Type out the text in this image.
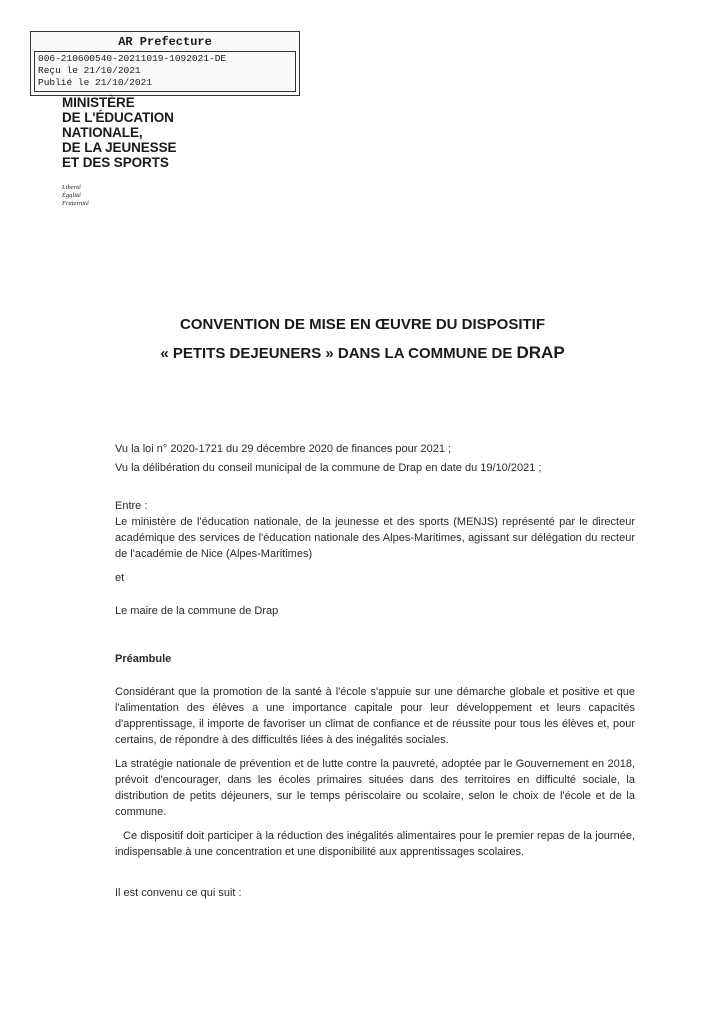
AR Prefecture
006-210600540-20211019-1092021-DE
Reçu le 21/10/2021
Publié le 21/10/2021
MINISTÈRE
DE L'ÉDUCATION
NATIONALE,
DE LA JEUNESSE
ET DES SPORTS
Liberté
Égalité
Fraternité
CONVENTION DE MISE EN ŒUVRE DU DISPOSITIF
« PETITS DEJEUNERS » DANS LA COMMUNE DE DRAP
Vu la loi n° 2020-1721 du 29 décembre 2020 de finances pour 2021 ;
Vu la délibération du conseil municipal de la commune de Drap en date du 19/10/2021 ;
Entre :
Le ministère de l'éducation nationale, de la jeunesse et des sports (MENJS) représenté par le directeur académique des services de l'éducation nationale des Alpes-Maritimes, agissant sur délégation du recteur de l'académie de Nice (Alpes-Maritimes)
et
Le maire de la commune de Drap
Préambule
Considérant que la promotion de la santé à l'école s'appuie sur une démarche globale et positive et que l'alimentation des élèves a une importance capitale pour leur développement et leurs capacités d'apprentissage, il importe de favoriser un climat de confiance et de réussite pour tous les élèves et, pour certains, de répondre à des difficultés liées à des inégalités sociales.
La stratégie nationale de prévention et de lutte contre la pauvreté, adoptée par le Gouvernement en 2018, prévoit d'encourager, dans les écoles primaires situées dans des territoires en difficulté sociale, la distribution de petits déjeuners, sur le temps périscolaire ou scolaire, selon le choix de l'école et de la commune.
Ce dispositif doit participer à la réduction des inégalités alimentaires pour le premier repas de la journée, indispensable à une concentration et une disponibilité aux apprentissages scolaires.
Il est convenu ce qui suit :
